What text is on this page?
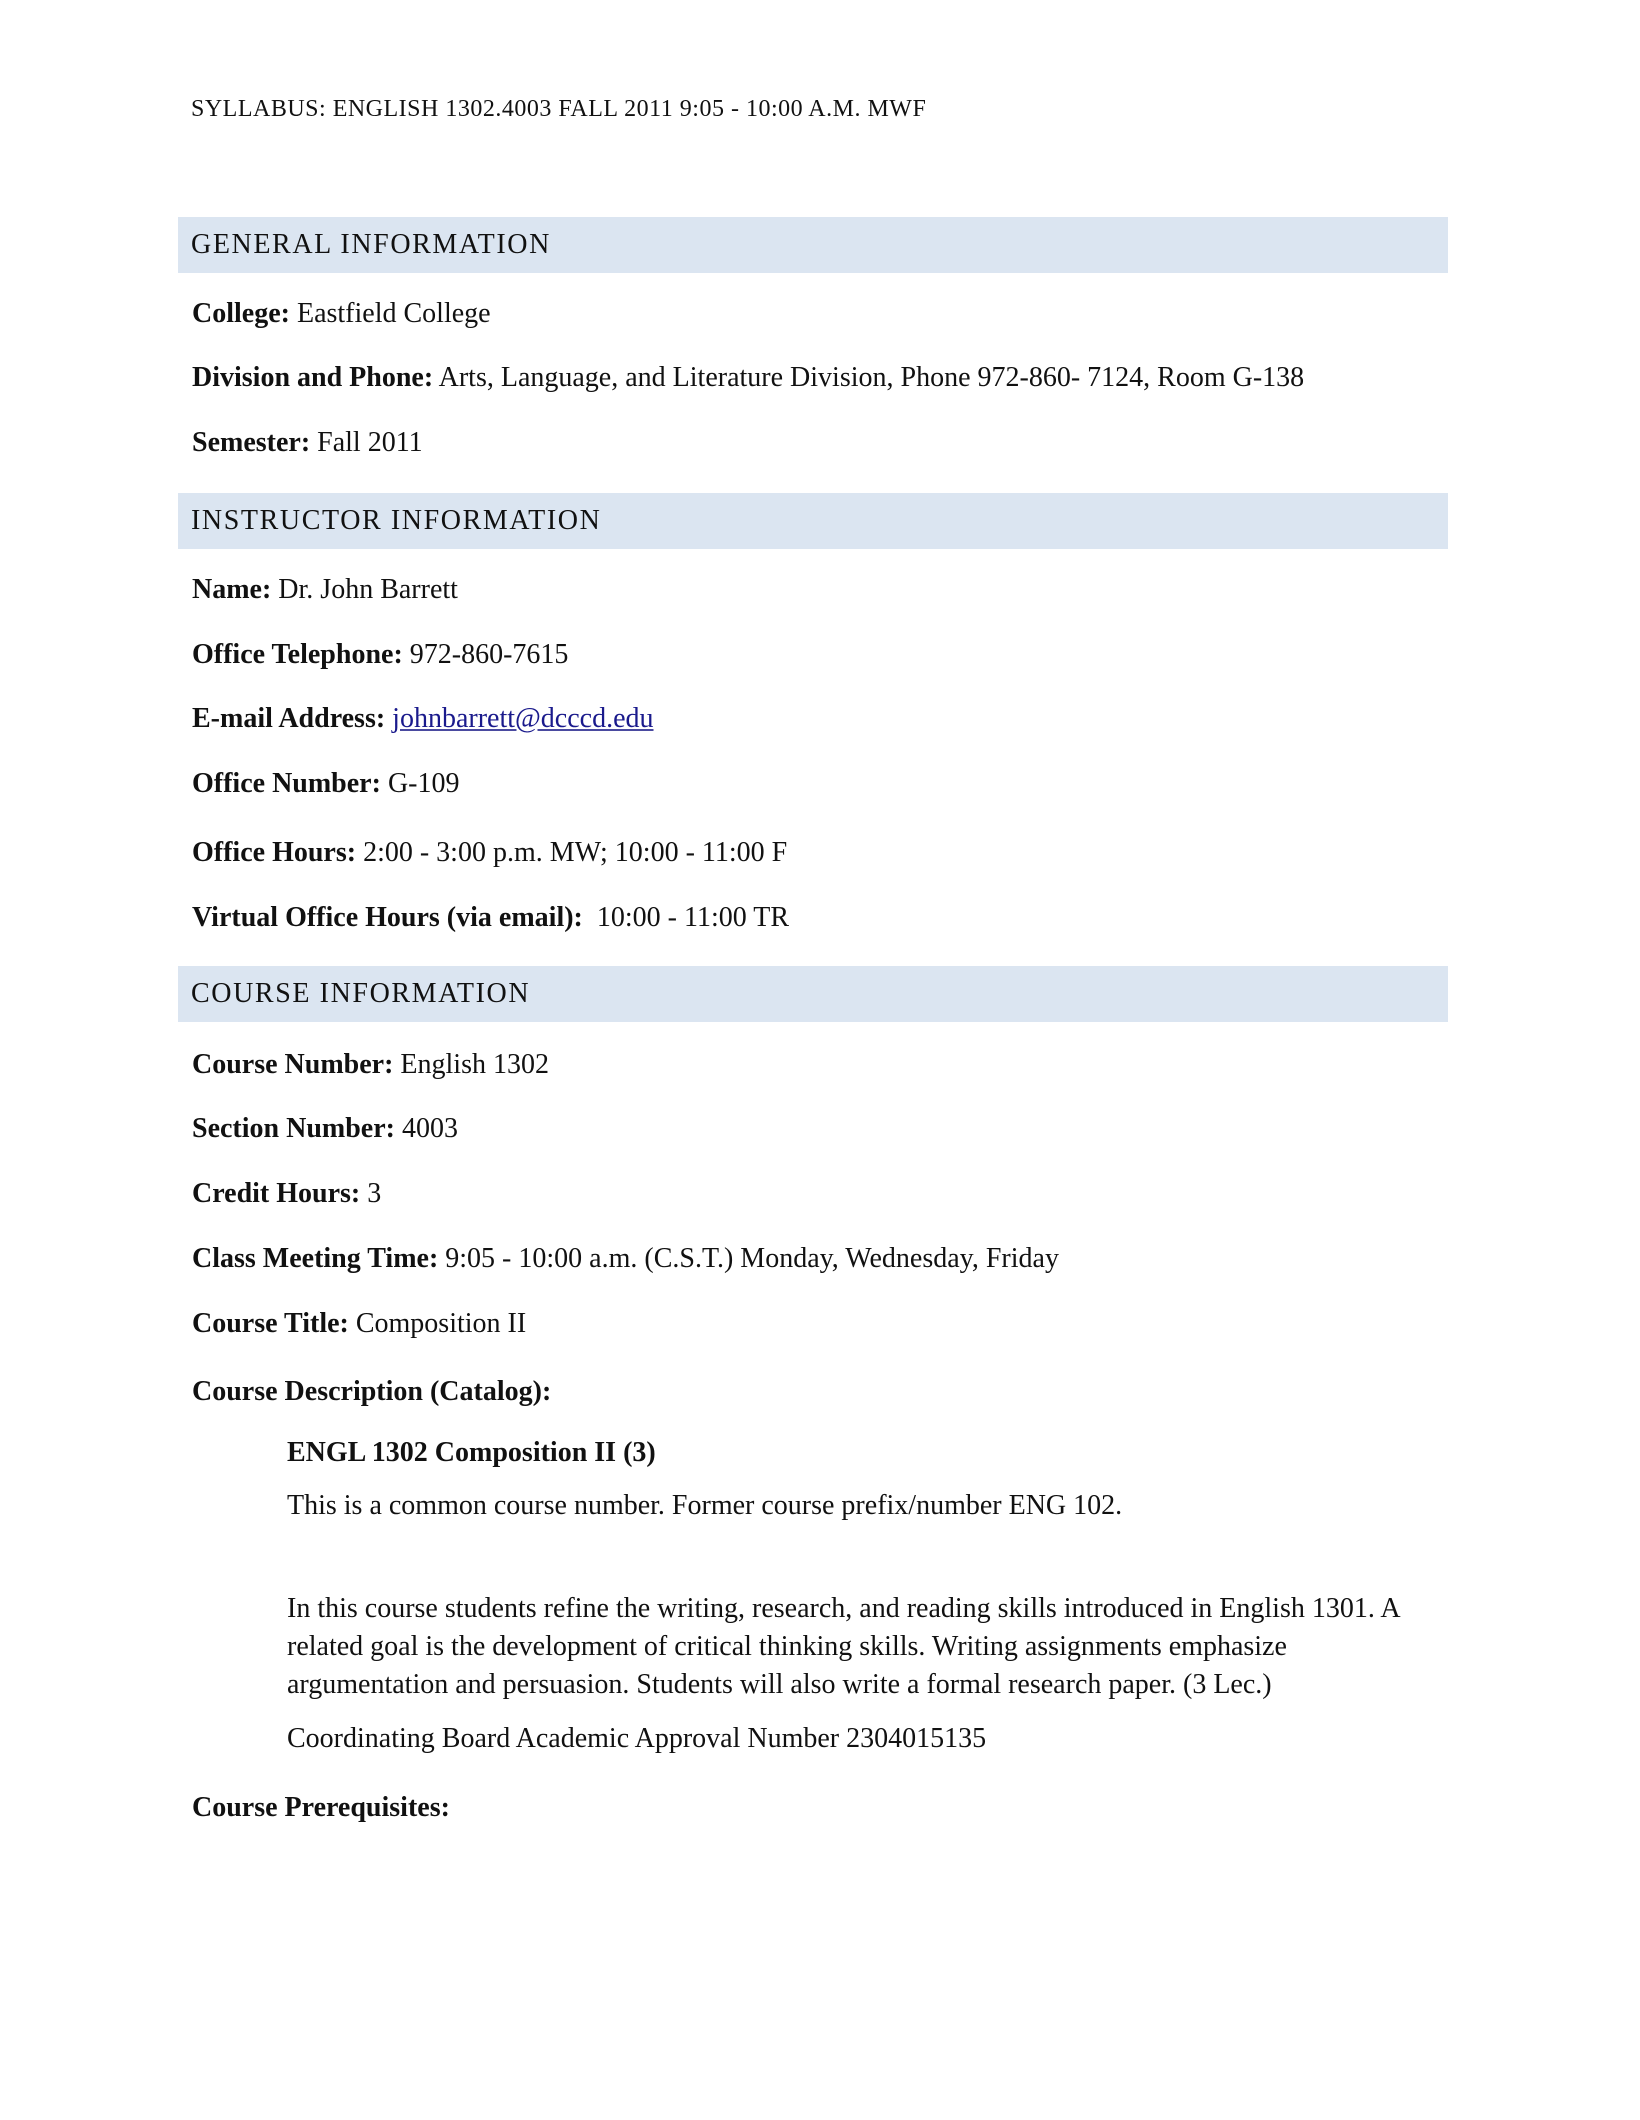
SYLLABUS: ENGLISH 1302.4003 FALL 2011 9:05 - 10:00 A.M. MWF

GENERAL INFORMATION

College: Eastfield College

Division and Phone: Arts, Language, and Literature Division, Phone 972-860- 7124, Room G-138

Semester: Fall 2011

INSTRUCTOR INFORMATION

Name: Dr. John Barrett

Office Telephone: 972-860-7615

E-mail Address: johnbarrett@dcccd.edu

Office Number: G-109

Office Hours: 2:00 - 3:00 p.m. MW; 10:00 - 11:00 F

Virtual Office Hours (via email):  10:00 - 11:00 TR

COURSE INFORMATION

Course Number: English 1302

Section Number: 4003

Credit Hours: 3

Class Meeting Time: 9:05 - 10:00 a.m. (C.S.T.) Monday, Wednesday, Friday

Course Title: Composition II

Course Description (Catalog):

ENGL 1302 Composition II (3)

This is a common course number. Former course prefix/number ENG 102.

In this course students refine the writing, research, and reading skills introduced in English 1301. A related goal is the development of critical thinking skills. Writing assignments emphasize argumentation and persuasion. Students will also write a formal research paper. (3 Lec.)

Coordinating Board Academic Approval Number 2304015135

Course Prerequisites:
